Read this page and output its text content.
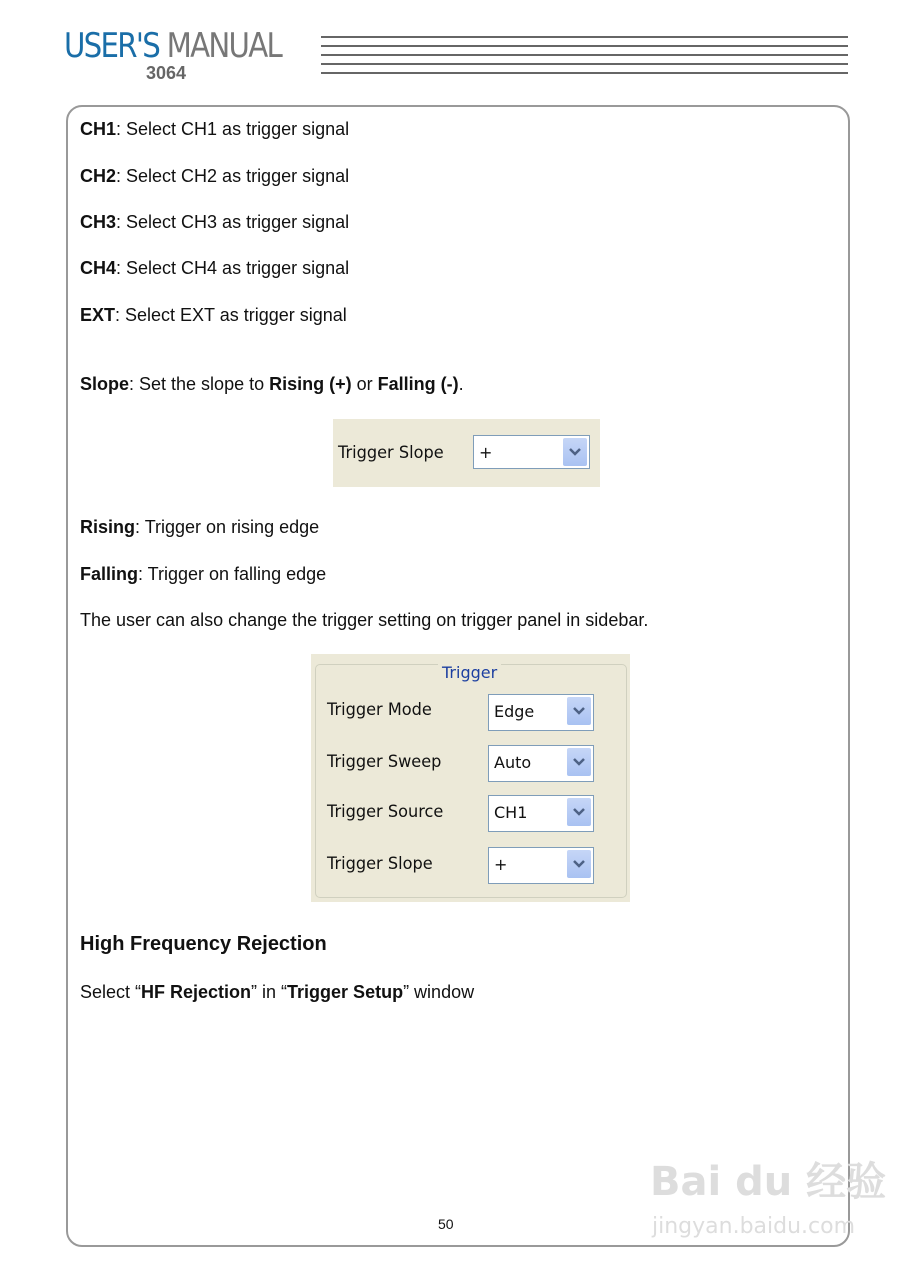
USER'S MANUAL
3064
CH1: Select CH1 as trigger signal
CH2: Select CH2 as trigger signal
CH3: Select CH3 as trigger signal
CH4: Select CH4 as trigger signal
EXT: Select EXT as trigger signal
Slope: Set the slope to Rising (+) or Falling (-).
Trigger Slope +
Rising: Trigger on rising edge
Falling: Trigger on falling edge
The user can also change the trigger setting on trigger panel in sidebar.
Trigger
Trigger Mode	Edge
Trigger Sweep	Auto
Trigger Source	CH1
Trigger Slope	+
High Frequency Rejection
Select “HF Rejection” in “Trigger Setup” window
50
Bai du 经验
jingyan.baidu.com
